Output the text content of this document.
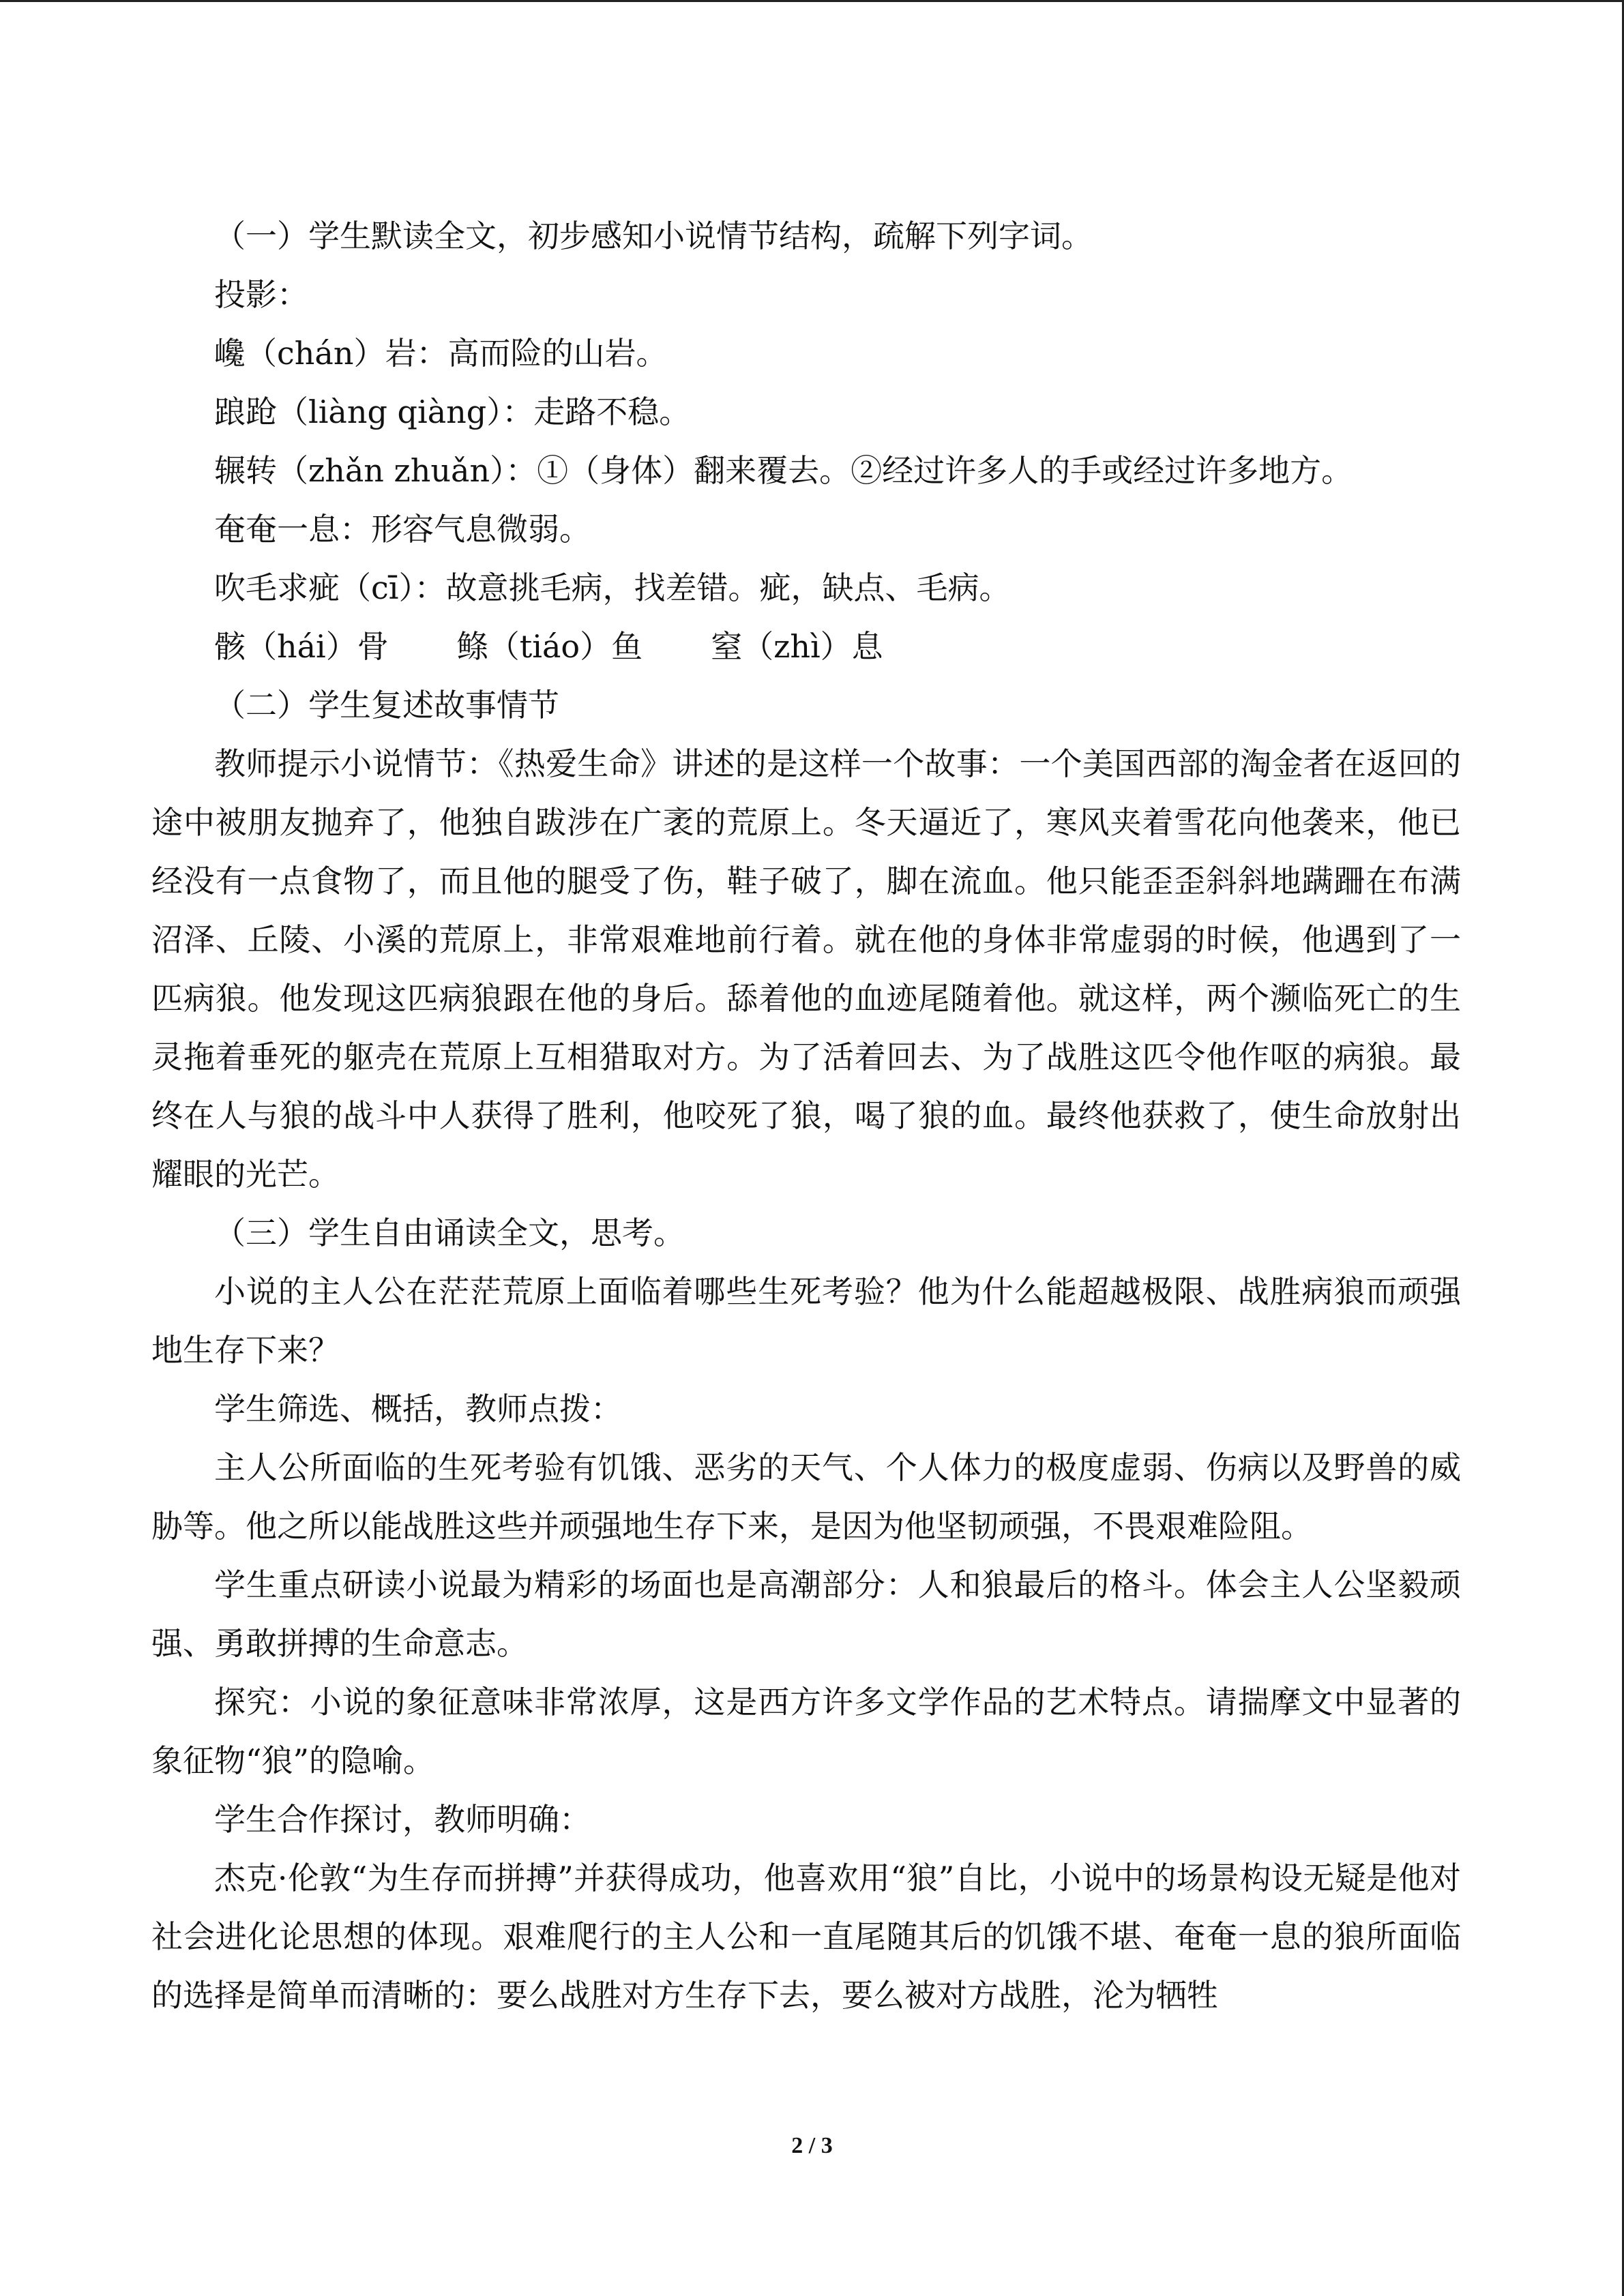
（一）学生默读全文，初步感知小说情节结构，疏解下列字词。

投影：

巉（chán）岩：高而险的山岩。

踉跄（liàng qiàng）：走路不稳。

辗转（zhǎn zhuǎn）：①（身体）翻来覆去。②经过许多人的手或经过许多地方。

奄奄一息：形容气息微弱。

吹毛求疵（cī）：故意挑毛病，找差错。疵，缺点、毛病。

骸（hái）骨 鲦（tiáo）鱼 窒（zhì）息

（二）学生复述故事情节

教师提示小说情节：《热爱生命》讲述的是这样一个故事：一个美国西部的淘金者在返回的途中被朋友抛弃了，他独自跋涉在广袤的荒原上。冬天逼近了，寒风夹着雪花向他袭来，他已经没有一点食物了，而且他的腿受了伤，鞋子破了，脚在流血。他只能歪歪斜斜地蹒跚在布满沼泽、丘陵、小溪的荒原上，非常艰难地前行着。就在他的身体非常虚弱的时候，他遇到了一匹病狼。他发现这匹病狼跟在他的身后。舔着他的血迹尾随着他。就这样，两个濒临死亡的生灵拖着垂死的躯壳在荒原上互相猎取对方。为了活着回去、为了战胜这匹令他作呕的病狼。最终在人与狼的战斗中人获得了胜利，他咬死了狼，喝了狼的血。最终他获救了，使生命放射出耀眼的光芒。

（三）学生自由诵读全文，思考。

小说的主人公在茫茫荒原上面临着哪些生死考验？他为什么能超越极限、战胜病狼而顽强地生存下来？

学生筛选、概括，教师点拨：

主人公所面临的生死考验有饥饿、恶劣的天气、个人体力的极度虚弱、伤病以及野兽的威胁等。他之所以能战胜这些并顽强地生存下来，是因为他坚韧顽强，不畏艰难险阻。

学生重点研读小说最为精彩的场面也是高潮部分：人和狼最后的格斗。体会主人公坚毅顽强、勇敢拼搏的生命意志。

探究：小说的象征意味非常浓厚，这是西方许多文学作品的艺术特点。请揣摩文中显著的象征物“狼”的隐喻。

学生合作探讨，教师明确：

杰克·伦敦“为生存而拼搏”并获得成功，他喜欢用“狼”自比，小说中的场景构设无疑是他对社会进化论思想的体现。艰难爬行的主人公和一直尾随其后的饥饿不堪、奄奄一息的狼所面临的选择是简单而清晰的：要么战胜对方生存下去，要么被对方战胜，沦为牺牲

2 / 3
